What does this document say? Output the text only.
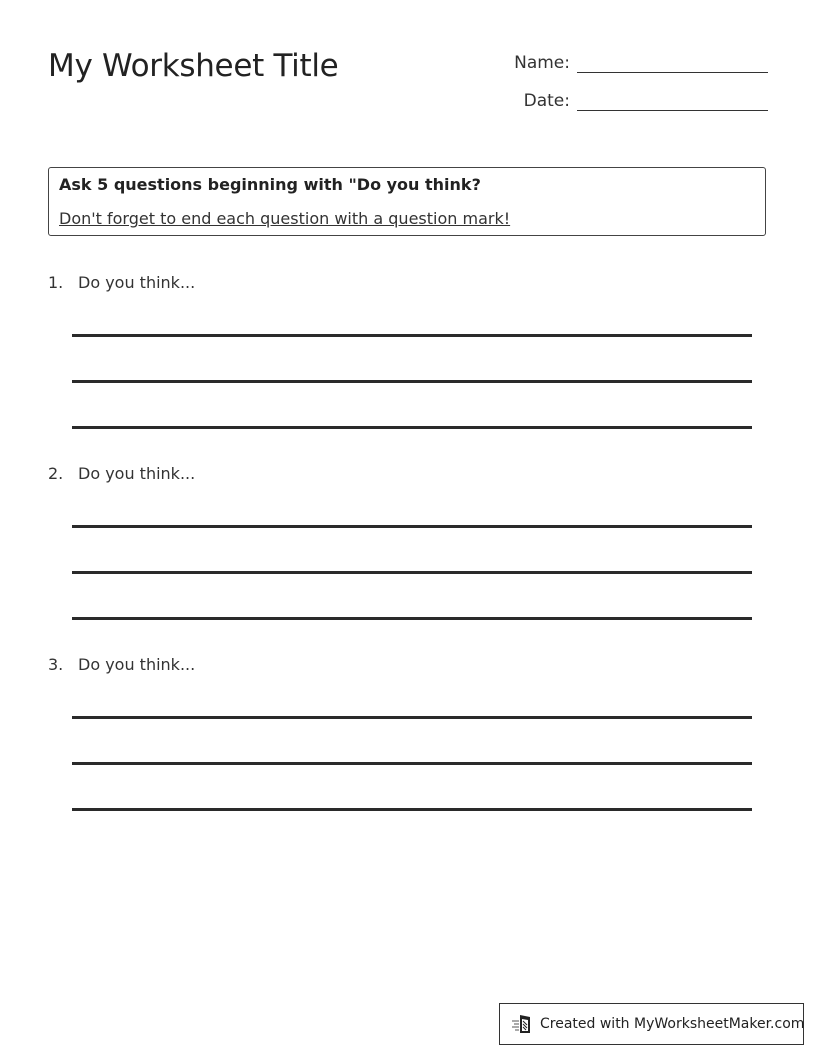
My Worksheet Title	Name:
Date:
Ask 5 questions beginning with "Do you think?
Don't forget to end each question with a question mark!
1. Do you think...
2. Do you think...
3. Do you think...
Created with MyWorksheetMaker.com
